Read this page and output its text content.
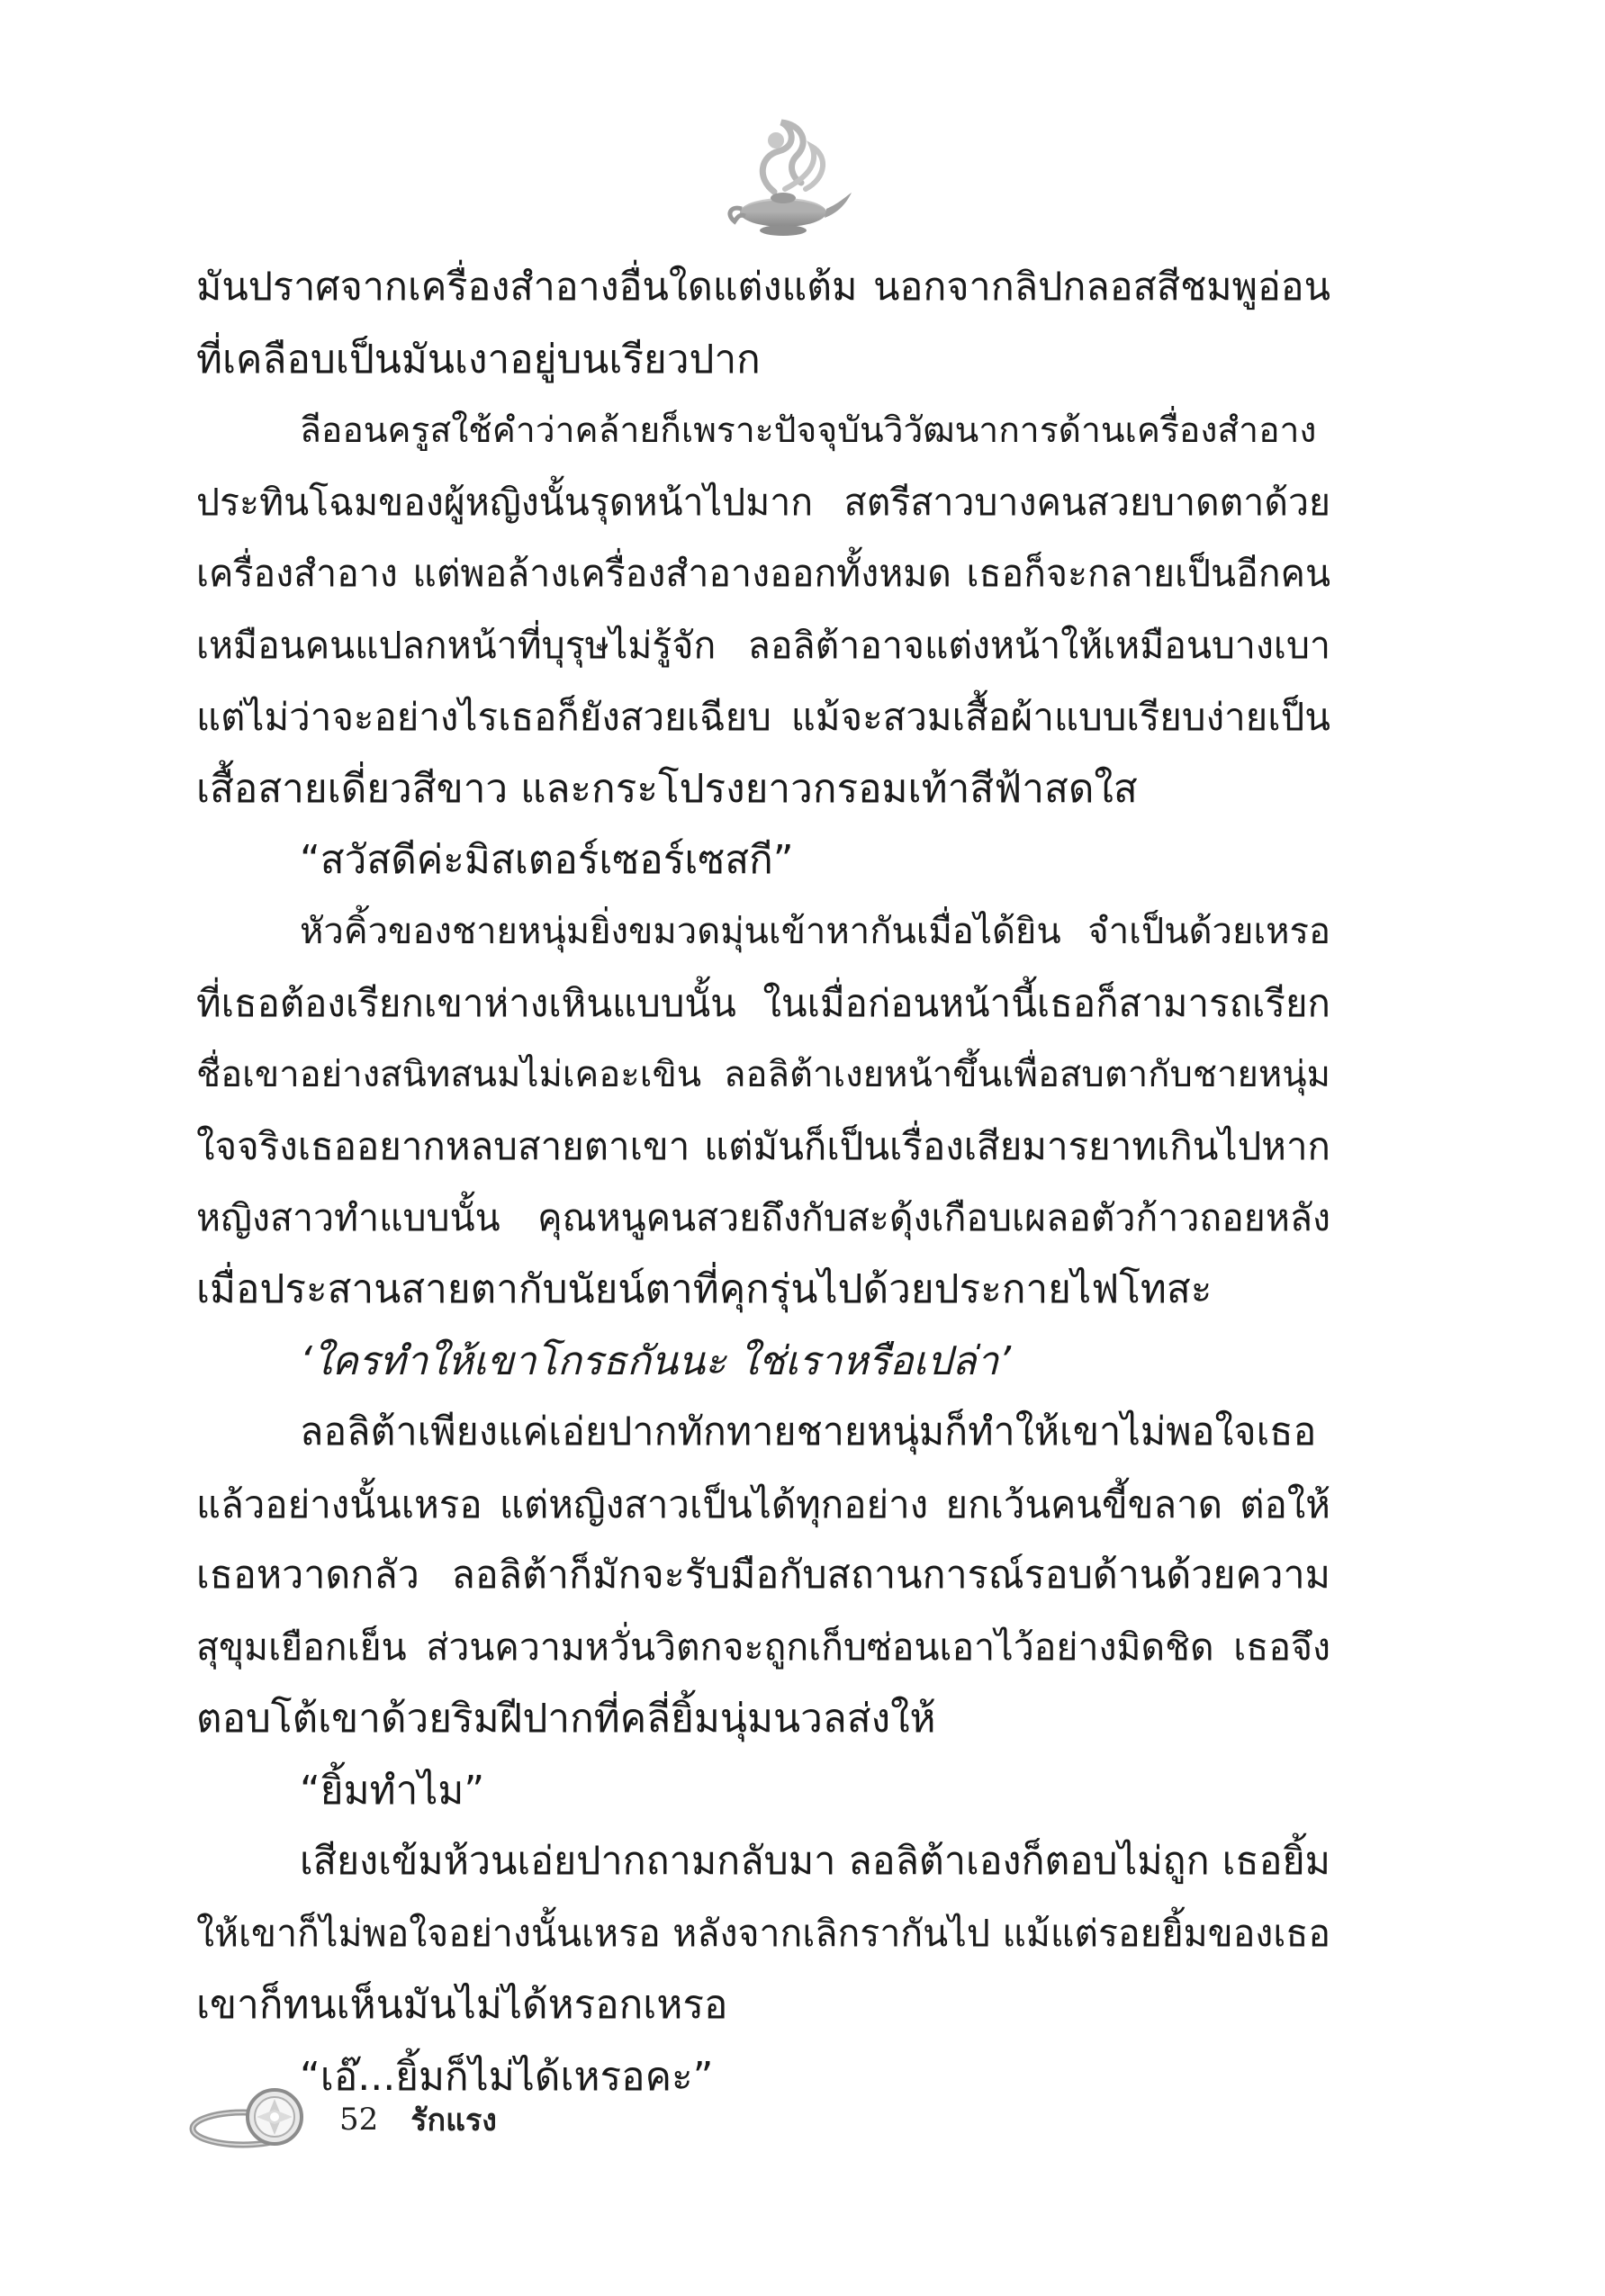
มันปราศจากเครื่องสำอางอื่นใดแต่งแต้ม นอกจากลิปกลอสสีชมพูอ่อน
ที่เคลือบเป็นมันเงาอยู่บนเรียวปาก
ลีออนครูสใช้คำว่าคล้ายก็เพราะปัจจุบันวิวัฒนาการด้านเครื่องสำอาง
ประทินโฉมของผู้หญิงนั้นรุดหน้าไปมาก สตรีสาวบางคนสวยบาดตาด้วย
เครื่องสำอาง แต่พอล้างเครื่องสำอางออกทั้งหมด เธอก็จะกลายเป็นอีกคน
เหมือนคนแปลกหน้าที่บุรุษไม่รู้จัก ลอลิต้าอาจแต่งหน้าให้เหมือนบางเบา
แต่ไม่ว่าจะอย่างไรเธอก็ยังสวยเฉียบ แม้จะสวมเสื้อผ้าแบบเรียบง่ายเป็น
เสื้อสายเดี่ยวสีขาว และกระโปรงยาวกรอมเท้าสีฟ้าสดใส
“สวัสดีค่ะมิสเตอร์เซอร์เซสกี”
หัวคิ้วของชายหนุ่มยิ่งขมวดมุ่นเข้าหากันเมื่อได้ยิน จำเป็นด้วยเหรอ
ที่เธอต้องเรียกเขาห่างเหินแบบนั้น ในเมื่อก่อนหน้านี้เธอก็สามารถเรียก
ชื่อเขาอย่างสนิทสนมไม่เคอะเขิน ลอลิต้าเงยหน้าขึ้นเพื่อสบตากับชายหนุ่ม
ใจจริงเธออยากหลบสายตาเขา แต่มันก็เป็นเรื่องเสียมารยาทเกินไปหาก
หญิงสาวทำแบบนั้น คุณหนูคนสวยถึงกับสะดุ้งเกือบเผลอตัวก้าวถอยหลัง
เมื่อประสานสายตากับนัยน์ตาที่คุกรุ่นไปด้วยประกายไฟโทสะ
‘ใครทำให้เขาโกรธกันนะ ใช่เราหรือเปล่า’
ลอลิต้าเพียงแค่เอ่ยปากทักทายชายหนุ่มก็ทำให้เขาไม่พอใจเธอ
แล้วอย่างนั้นเหรอ แต่หญิงสาวเป็นได้ทุกอย่าง ยกเว้นคนขี้ขลาด ต่อให้
เธอหวาดกลัว ลอลิต้าก็มักจะรับมือกับสถานการณ์รอบด้านด้วยความ
สุขุมเยือกเย็น ส่วนความหวั่นวิตกจะถูกเก็บซ่อนเอาไว้อย่างมิดชิด เธอจึง
ตอบโต้เขาด้วยริมฝีปากที่คลี่ยิ้มนุ่มนวลส่งให้
“ยิ้มทำไม”
เสียงเข้มห้วนเอ่ยปากถามกลับมา ลอลิต้าเองก็ตอบไม่ถูก เธอยิ้ม
ให้เขาก็ไม่พอใจอย่างนั้นเหรอ หลังจากเลิกรากันไป แม้แต่รอยยิ้มของเธอ
เขาก็ทนเห็นมันไม่ได้หรอกเหรอ
“เอ๊...ยิ้มก็ไม่ได้เหรอคะ”
52 รักแรง
